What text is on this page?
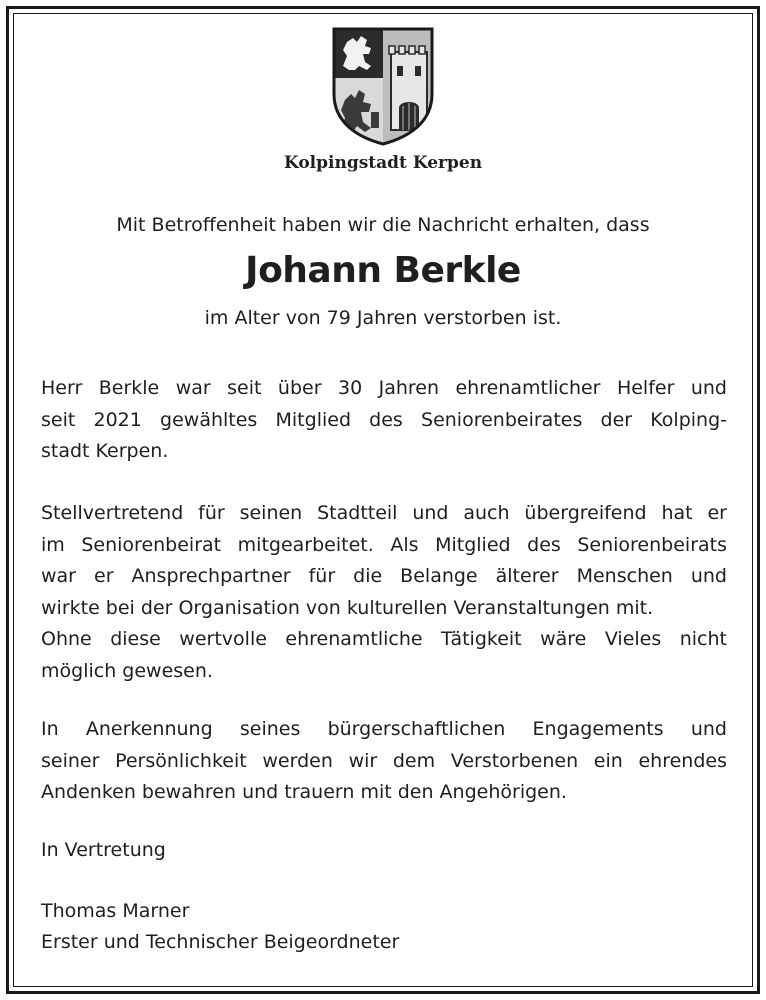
Kolpingstadt Kerpen
Mit Betroffenheit haben wir die Nachricht erhalten, dass
Johann Berkle
im Alter von 79 Jahren verstorben ist.
Herr Berkle war seit über 30 Jahren ehrenamtlicher Helfer und
seit 2021 gewähltes Mitglied des Seniorenbeirates der Kolping-
stadt Kerpen.
Stellvertretend für seinen Stadtteil und auch übergreifend hat er
im Seniorenbeirat mitgearbeitet. Als Mitglied des Seniorenbeirats
war er Ansprechpartner für die Belange älterer Menschen und
wirkte bei der Organisation von kulturellen Veranstaltungen mit.
Ohne diese wertvolle ehrenamtliche Tätigkeit wäre Vieles nicht
möglich gewesen.
In Anerkennung seines bürgerschaftlichen Engagements und
seiner Persönlichkeit werden wir dem Verstorbenen ein ehrendes
Andenken bewahren und trauern mit den Angehörigen.
In Vertretung
Thomas Marner
Erster und Technischer Beigeordneter
